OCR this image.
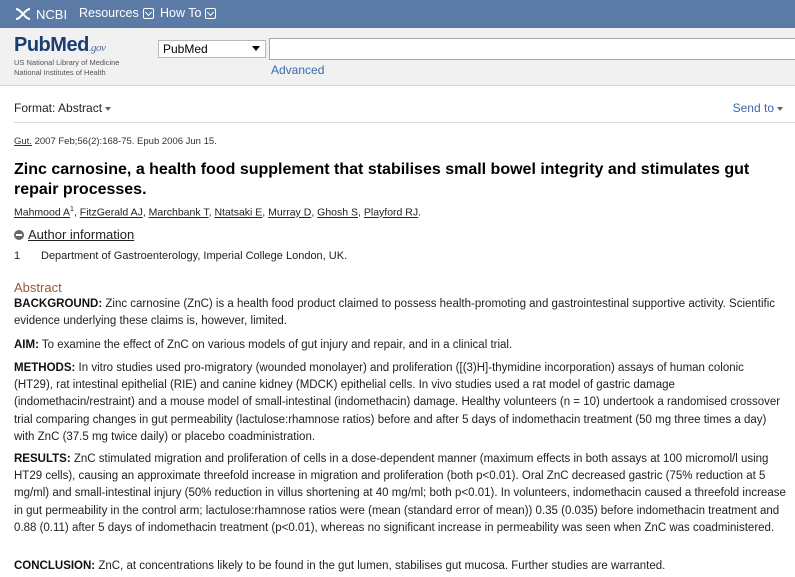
NCBI Resources How To
PubMed.gov
US National Library of Medicine
National Institutes of Health
PubMed
Advanced
Format: Abstract	Send to
Gut. 2007 Feb;56(2):168-75. Epub 2006 Jun 15.
Zinc carnosine, a health food supplement that stabilises small bowel integrity and stimulates gut repair processes.
Mahmood $A^1$, FitzGerald AJ, Marchbank T, Ntatsaki E, Murray D, Ghosh S, Playford RJ.
Author information
1 Department of Gastroenterology, Imperial College London, UK.
Abstract
BACKGROUND: Zinc carnosine (ZnC) is a health food product claimed to possess health-promoting and gastrointestinal supportive activity. Scientific evidence underlying these claims is, however, limited.
AIM: To examine the effect of ZnC on various models of gut injury and repair, and in a clinical trial.
METHODS: In vitro studies used pro-migratory (wounded monolayer) and proliferation ([(3)H]-thymidine incorporation) assays of human colonic (HT29), rat intestinal epithelial (RIE) and canine kidney (MDCK) epithelial cells. In vivo studies used a rat model of gastric damage (indomethacin/restraint) and a mouse model of small-intestinal (indomethacin) damage. Healthy volunteers (n = 10) undertook a randomised crossover trial comparing changes in gut permeability (lactulose:rhamnose ratios) before and after 5 days of indomethacin treatment (50 mg three times a day) with ZnC (37.5 mg twice daily) or placebo coadministration.
RESULTS: ZnC stimulated migration and proliferation of cells in a dose-dependent manner (maximum effects in both assays at 100 micromol/l using HT29 cells), causing an approximate threefold increase in migration and proliferation (both p<0.01). Oral ZnC decreased gastric (75% reduction at 5 mg/ml) and small-intestinal injury (50% reduction in villus shortening at 40 mg/ml; both p<0.01). In volunteers, indomethacin caused a threefold increase in gut permeability in the control arm; lactulose:rhamnose ratios were (mean (standard error of mean)) 0.35 (0.035) before indomethacin treatment and 0.88 (0.11) after 5 days of indomethacin treatment (p<0.01), whereas no significant increase in permeability was seen when ZnC was coadministered.
CONCLUSION: ZnC, at concentrations likely to be found in the gut lumen, stabilises gut mucosa. Further studies are warranted.
